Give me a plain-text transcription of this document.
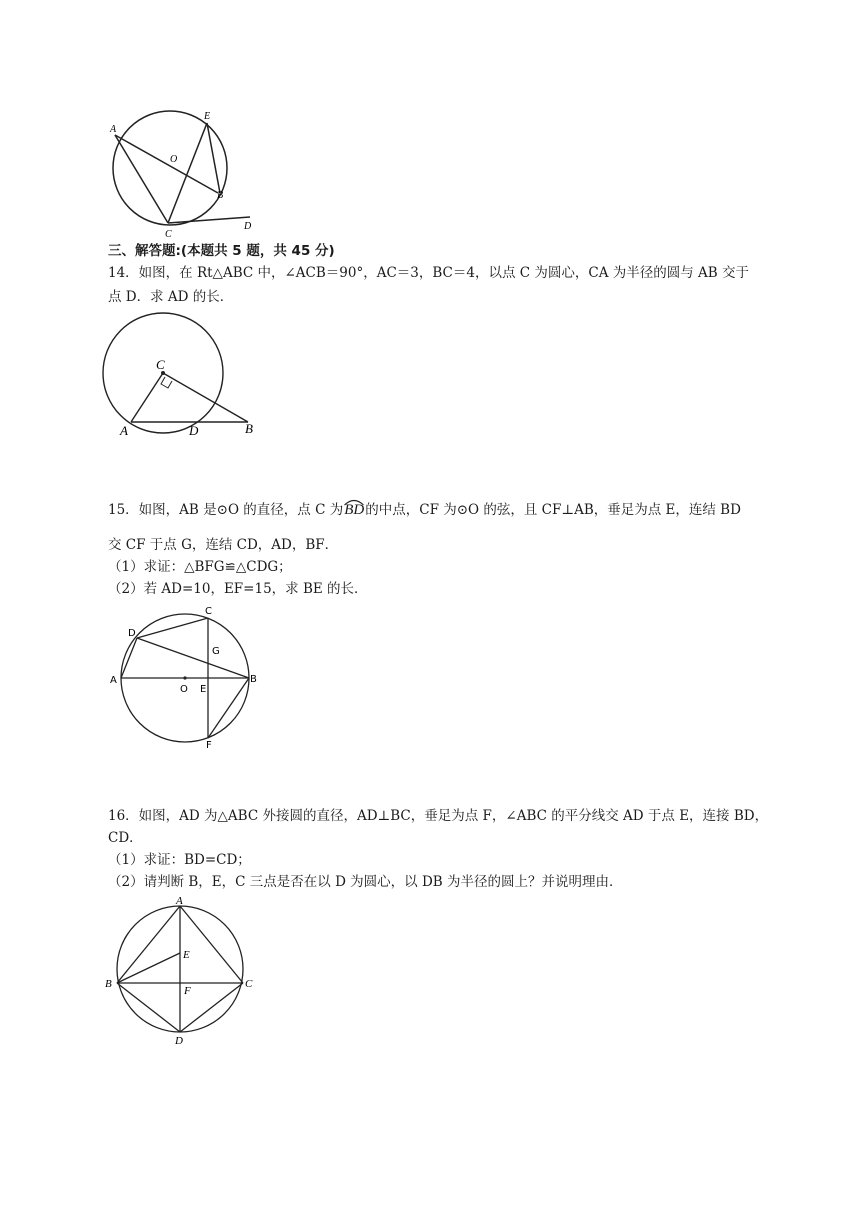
A
E
O
B
C
D
三、解答题:(本题共 5 题，共 45 分)
14．如图，在 Rt△ABC 中，∠ACB＝90°，AC＝3，BC＝4，以点 C 为圆心，CA 为半径的圆与 AB 交于
点 D．求 AD 的长．
C
A	D	B
15．如图，AB 是⊙O 的直径，点 C 为
BD的中点，CF 为⊙O 的弦，且 CF⊥AB，垂足为点 E，连结 BD
交 CF 于点 G，连结 CD，AD，BF．
（1）求证：△BFG≌△CDG；
（2）若 AD=10，EF=15，求 BE 的长．
C
D
G
A
O E
B
F
16．如图，AD 为△ABC 外接圆的直径，AD⊥BC，垂足为点 F，∠ABC 的平分线交 AD 于点 E，连接 BD，
CD．
（1）求证：BD=CD；
（2）请判断 B，E，C 三点是否在以 D 为圆心，以 DB 为半径的圆上？并说明理由．
A
E
B
F
C
D
